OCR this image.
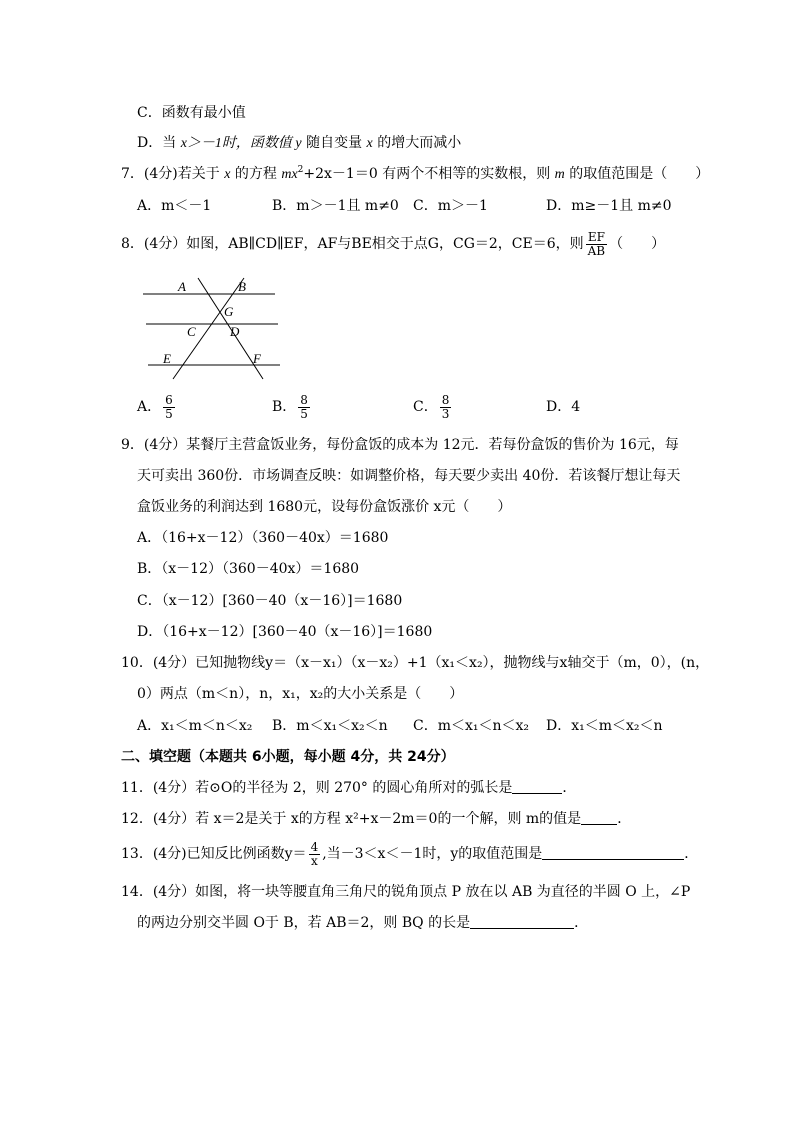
C．函数有最小值
D．当 x＞－1时，函数值 y 随自变量 x 的增大而减小
7．(4分)若关于 x 的方程 $mx^2+2x-1=0$ 有两个不相等的实数根，则 m 的取值范围是（　　）
A．m＜－1	B．m＞－1且 m≠0 C．m＞－1	D．m≥－1且 m≠0
8．(4分）如图，AB∥CD∥EF，AF与BE相交于点G，CG＝2，CE＝6，则 $\frac{EF}{AB}$ （　　）
A	B
G
C	D
E	F
A． $\frac{6}{5}$	B． $\frac{8}{5}$	C． $\frac{8}{3}$	D．4
9．(4分）某餐厅主营盒饭业务，每份盒饭的成本为 12元．若每份盒饭的售价为 16元，每
天可卖出 360份．市场调查反映：如调整价格，每天要少卖出 40份．若该餐厅想让每天
盒饭业务的利润达到 1680元，设每份盒饭涨价 x元（　　）
A．（16+x－12）（360－40x）＝1680
B．（x－12）（360－40x）＝1680
C．（x－12）[360－40（x－16）]＝1680
D．（16+x－12）[360－40（x－16）]＝1680
10．(4分）已知抛物线y＝（x－x₁）（x－x₂）+1（x₁＜x₂），抛物线与x轴交于（m，0），(n，
0）两点（m＜n），n，x₁，x₂的大小关系是（　　）
A．x₁＜m＜n＜x₂ B．m＜x₁＜x₂＜n C．m＜x₁＜n＜x₂ D．x₁＜m＜x₂＜n
二、填空题（本题共 6小题，每小题 4分，共 24分）
11．(4分）若⊙O的半径为 2，则 270° 的圆心角所对的弧长是	．
12．(4分）若 x＝2是关于 x的方程 x²+x－2m＝0的一个解，则 m的值是	．
13．(4分)已知反比例函数$y= \frac{4}{x}$ ,当－3＜x＜－1时，y的取值范围是	．
14．(4分）如图，将一块等腰直角三角尺的锐角顶点 P 放在以 AB 为直径的半圆 O 上，∠P
的两边分别交半圆 O于 B，若 AB＝2，则 BQ 的长是	．
